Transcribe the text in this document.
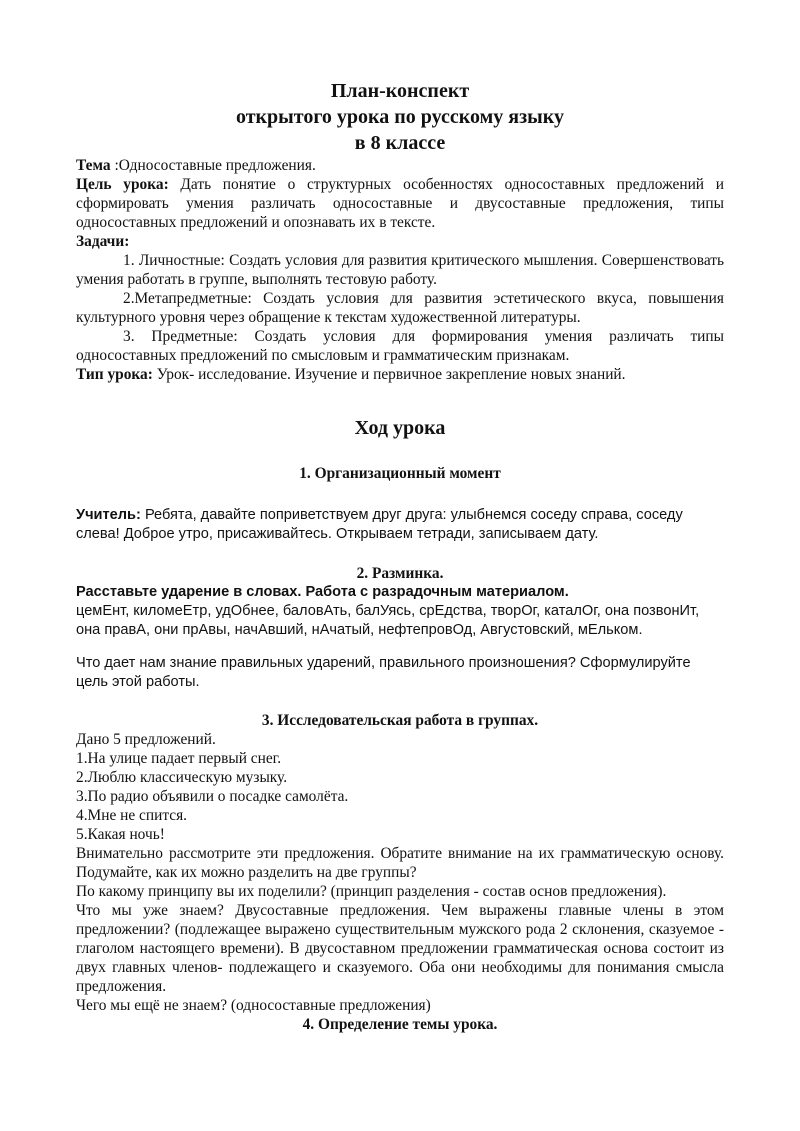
План-конспект
открытого урока по русскому языку
в 8 классе

Тема :Односоставные предложения.

Цель урока: Дать понятие о структурных особенностях односоставных предложений и сформировать умения различать односоставные и двусоставные предложения, типы односоставных предложений и опознавать их в тексте.

Задачи:

1. Личностные: Создать условия для развития критического мышления. Совершенствовать умения работать в группе, выполнять тестовую работу.

2.Метапредметные: Создать условия для развития эстетического вкуса, повышения культурного уровня через обращение к текстам художественной литературы.

3. Предметные: Создать условия для формирования умения различать типы односоставных предложений по смысловым и грамматическим признакам.

Тип урока: Урок- исследование. Изучение и первичное закрепление новых знаний.

Ход урока

1. Организационный момент

Учитель: Ребята, давайте поприветствуем друг друга: улыбнемся соседу справа, соседу слева! Доброе утро, присаживайтесь. Открываем тетради, записываем дату.

2. Разминка.

Расставьте ударение в словах. Работа с разрадочным материалом.

цемЕнт, киломеЕтр, удОбнее, баловАть, балУясь, срЕдства, творОг, каталОг, она позвонИт, она правА, они прАвы, начАвший, нАчатый, нефтепровОд, Августовский, мЕльком.

Что дает нам знание правильных ударений, правильного произношения? Сформулируйте цель этой работы.

3. Исследовательская работа в группах.

Дано 5 предложений.

1.На улице падает первый снег.

2.Люблю классическую музыку.

3.По радио объявили о посадке самолёта.

4.Мне не спится.

5.Какая ночь!

Внимательно рассмотрите эти предложения. Обратите внимание на их грамматическую основу. Подумайте, как их можно разделить на две группы?

По какому принципу вы их поделили? (принцип разделения - состав основ предложения).

Что мы уже знаем? Двусоставные предложения. Чем выражены главные члены в этом предложении? (подлежащее выражено существительным мужского рода 2 склонения, сказуемое - глаголом настоящего времени). В двусоставном предложении грамматическая основа состоит из двух главных членов- подлежащего и сказуемого. Оба они необходимы для понимания смысла предложения.

Чего мы ещё не знаем? (односоставные предложения)

4. Определение темы урока.
